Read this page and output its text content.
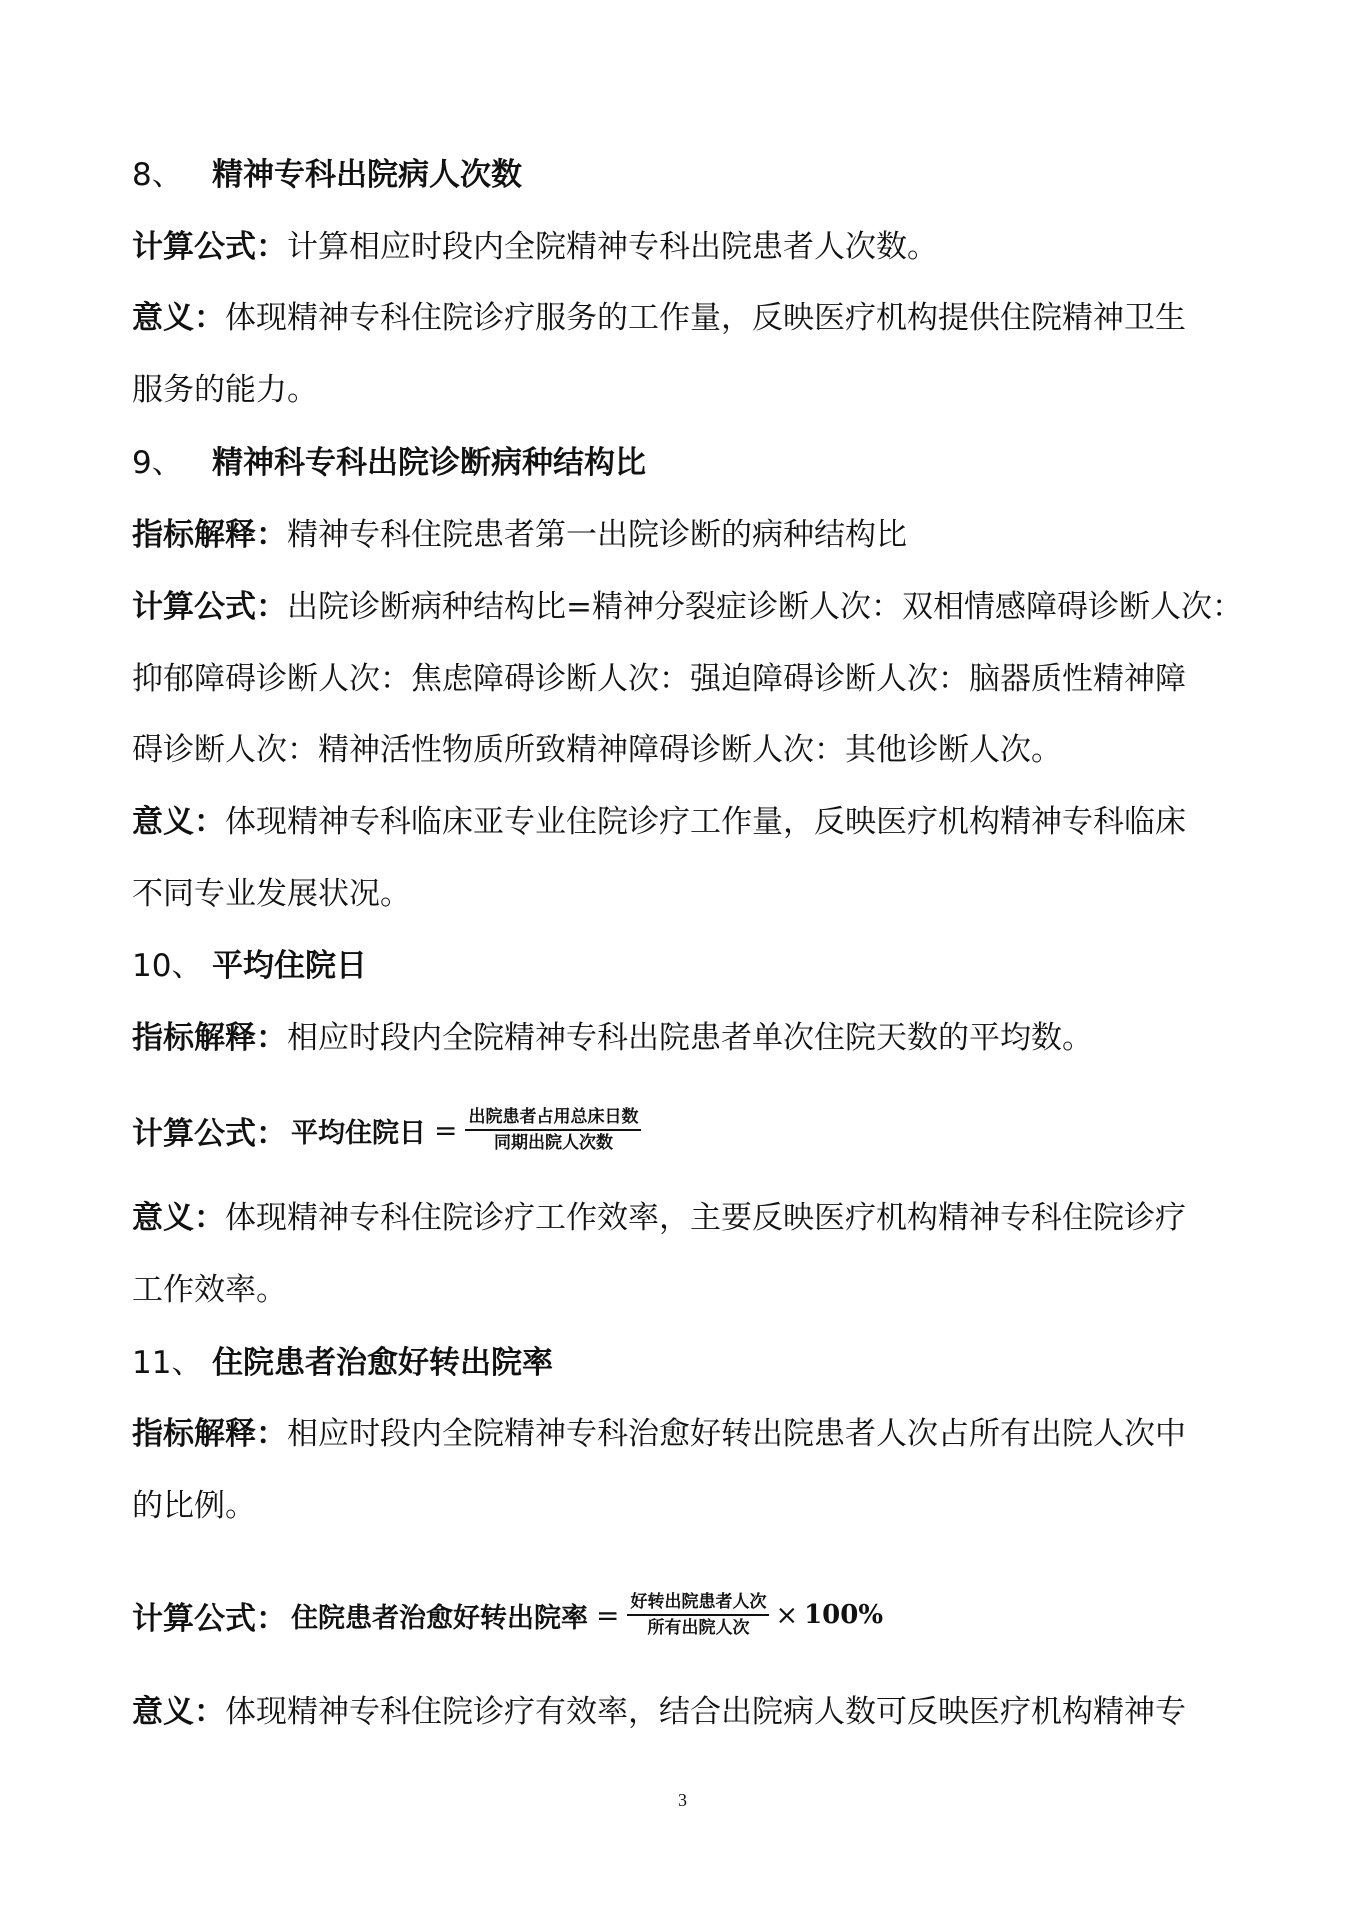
8、 精神专科出院病人次数
计算公式：计算相应时段内全院精神专科出院患者人次数。
意义：体现精神专科住院诊疗服务的工作量，反映医疗机构提供住院精神卫生
服务的能力。
9、 精神科专科出院诊断病种结构比
指标解释：精神专科住院患者第一出院诊断的病种结构比
计算公式：出院诊断病种结构比=精神分裂症诊断人次：双相情感障碍诊断人次：
抑郁障碍诊断人次：焦虑障碍诊断人次：强迫障碍诊断人次：脑器质性精神障
碍诊断人次：精神活性物质所致精神障碍诊断人次：其他诊断人次。
意义：体现精神专科临床亚专业住院诊疗工作量，反映医疗机构精神专科临床
不同专业发展状况。
10、 平均住院日
指标解释：相应时段内全院精神专科出院患者单次住院天数的平均数。
计算公式： 平均住院日 = $\frac{\text{出院患者占用总床日数}}{\text{同期出院人次数}}$
意义：体现精神专科住院诊疗工作效率，主要反映医疗机构精神专科住院诊疗
工作效率。
11、 住院患者治愈好转出院率
指标解释：相应时段内全院精神专科治愈好转出院患者人次占所有出院人次中
的比例。
计算公式： 住院患者治愈好转出院率 = $\frac{\text{好转出院患者人次}}{\text{所有出院人次}} \times 100\%$
意义：体现精神专科住院诊疗有效率，结合出院病人数可反映医疗机构精神专
3
